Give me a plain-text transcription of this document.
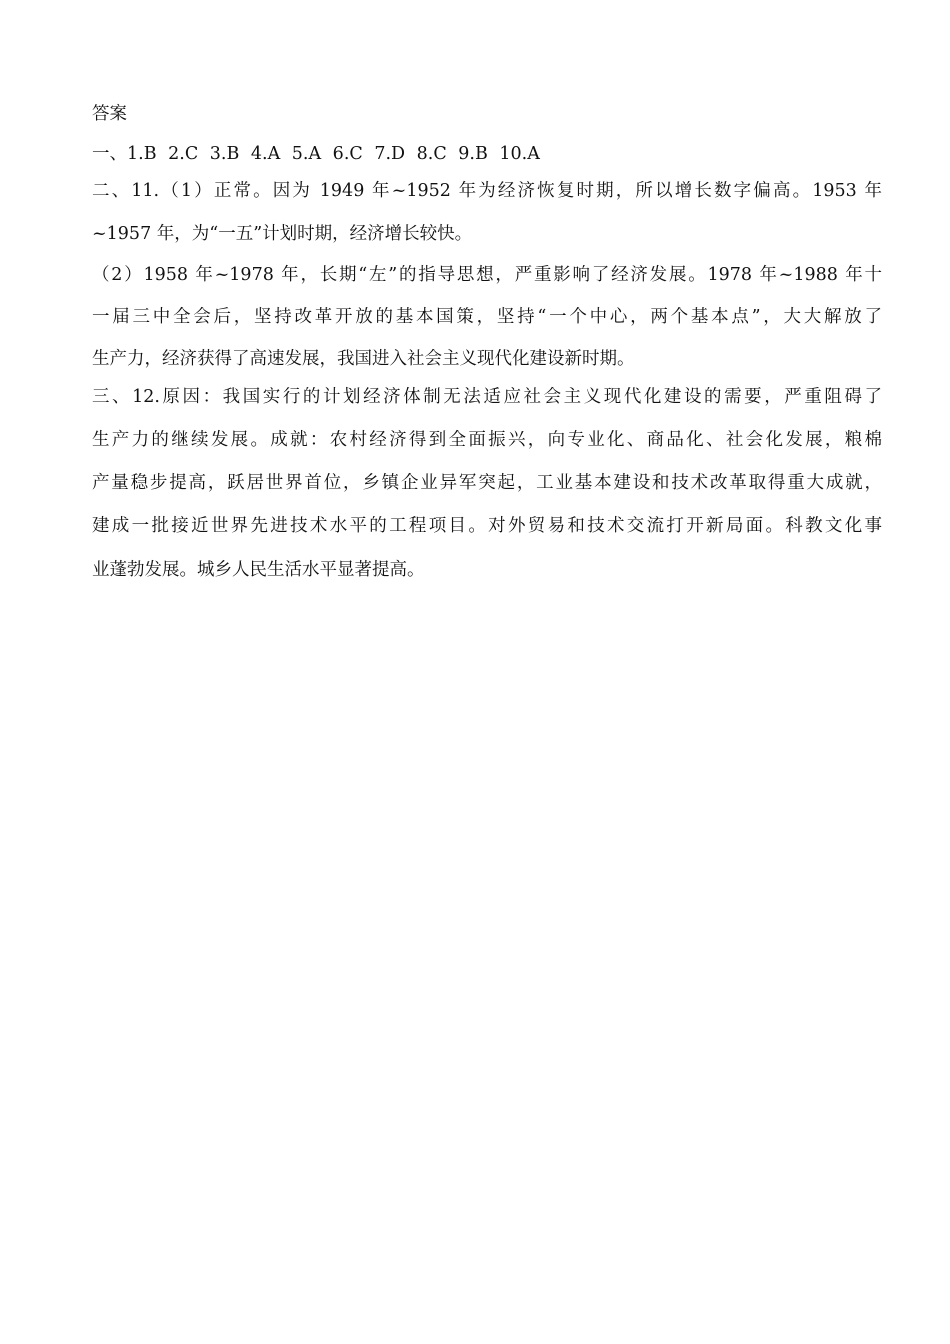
答案
一、1.B 2.C 3.B 4.A 5.A 6.C 7.D 8.C 9.B 10.A
二、11.（1）正常。因为 1949 年~1952 年为经济恢复时期，所以增长数字偏高。1953 年
~1957 年，为“一五”计划时期，经济增长较快。
（2）1958 年~1978 年，长期“左”的指导思想，严重影响了经济发展。1978 年~1988 年十
一届三中全会后，坚持改革开放的基本国策，坚持“一个中心，两个基本点”，大大解放了
生产力，经济获得了高速发展，我国进入社会主义现代化建设新时期。
三、12.原因：我国实行的计划经济体制无法适应社会主义现代化建设的需要，严重阻碍了
生产力的继续发展。成就：农村经济得到全面振兴，向专业化、商品化、社会化发展，粮棉
产量稳步提高，跃居世界首位，乡镇企业异军突起，工业基本建设和技术改革取得重大成就，
建成一批接近世界先进技术水平的工程项目。对外贸易和技术交流打开新局面。科教文化事
业蓬勃发展。城乡人民生活水平显著提高。
